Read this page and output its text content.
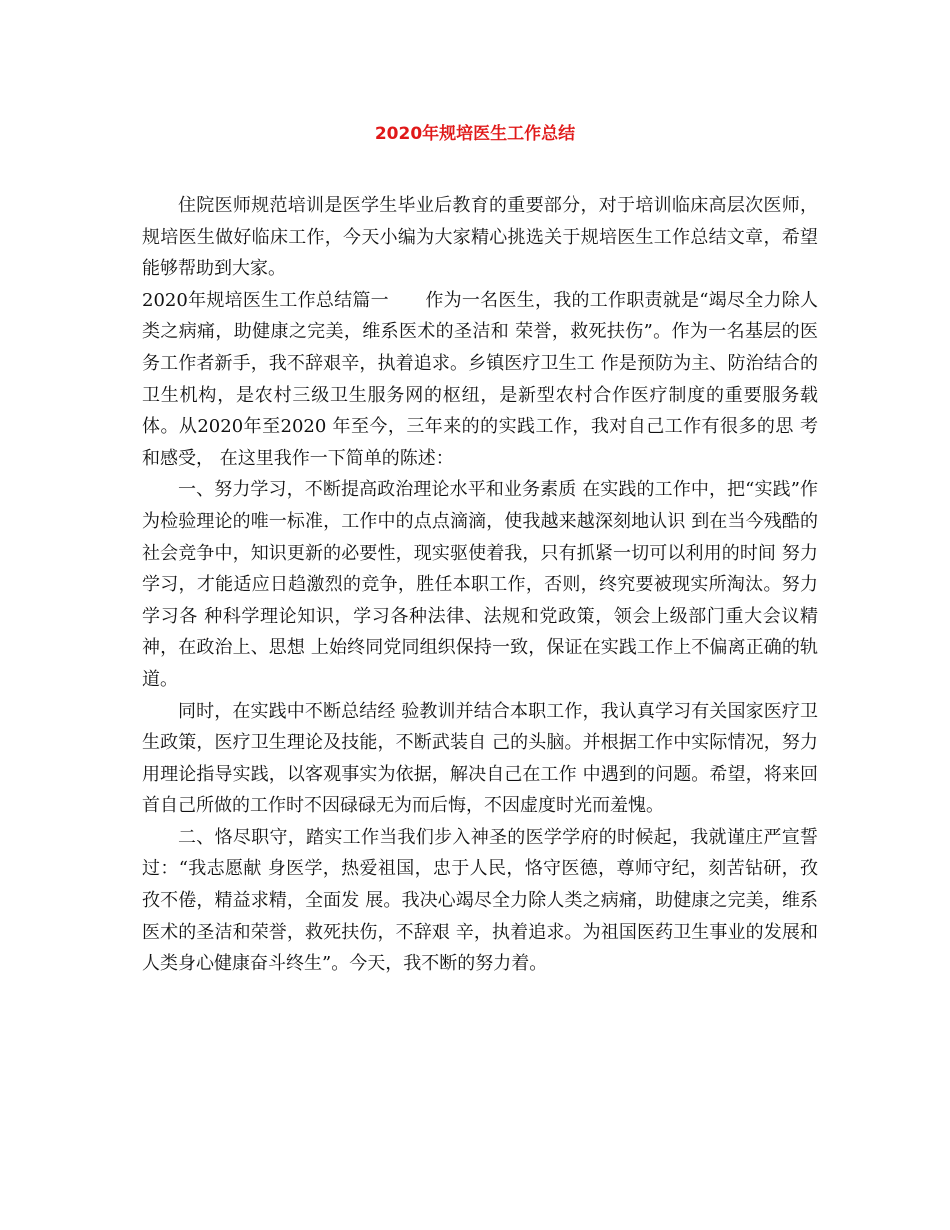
2020年规培医生工作总结

住院医师规范培训是医学生毕业后教育的重要部分，对于培训临床高层次医师，规培医生做好临床工作，今天小编为大家精心挑选关于规培医生工作总结文章，希望能够帮助到大家。

2020年规培医生工作总结篇一　　作为一名医生，我的工作职责就是“竭尽全力除人类之病痛，助健康之完美，维系医术的圣洁和 荣誉，救死扶伤”。作为一名基层的医务工作者新手，我不辞艰辛，执着追求。乡镇医疗卫生工 作是预防为主、防治结合的卫生机构，是农村三级卫生服务网的枢纽，是新型农村合作医疗制度的重要服务载体。从2020年至2020 年至今，三年来的的实践工作，我对自己工作有很多的思 考和感受， 在这里我作一下简单的陈述：

一、努力学习，不断提高政治理论水平和业务素质 在实践的工作中，把“实践”作为检验理论的唯一标准，工作中的点点滴滴，使我越来越深刻地认识 到在当今残酷的社会竞争中，知识更新的必要性，现实驱使着我，只有抓紧一切可以利用的时间 努力学习，才能适应日趋激烈的竞争，胜任本职工作，否则，终究要被现实所淘汰。努力学习各 种科学理论知识，学习各种法律、法规和党政策，领会上级部门重大会议精神，在政治上、思想 上始终同党同组织保持一致，保证在实践工作上不偏离正确的轨道。

同时，在实践中不断总结经 验教训并结合本职工作，我认真学习有关国家医疗卫生政策，医疗卫生理论及技能，不断武装自 己的头脑。并根据工作中实际情况，努力用理论指导实践，以客观事实为依据，解决自己在工作 中遇到的问题。希望，将来回首自己所做的工作时不因碌碌无为而后悔，不因虚度时光而羞愧。

二、恪尽职守，踏实工作当我们步入神圣的医学学府的时候起，我就谨庄严宣誓过：“我志愿献 身医学，热爱祖国，忠于人民，恪守医德，尊师守纪，刻苦钻研，孜孜不倦，精益求精，全面发 展。我决心竭尽全力除人类之病痛，助健康之完美，维系医术的圣洁和荣誉，救死扶伤，不辞艰 辛，执着追求。为祖国医药卫生事业的发展和人类身心健康奋斗终生”。今天，我不断的努力着。
